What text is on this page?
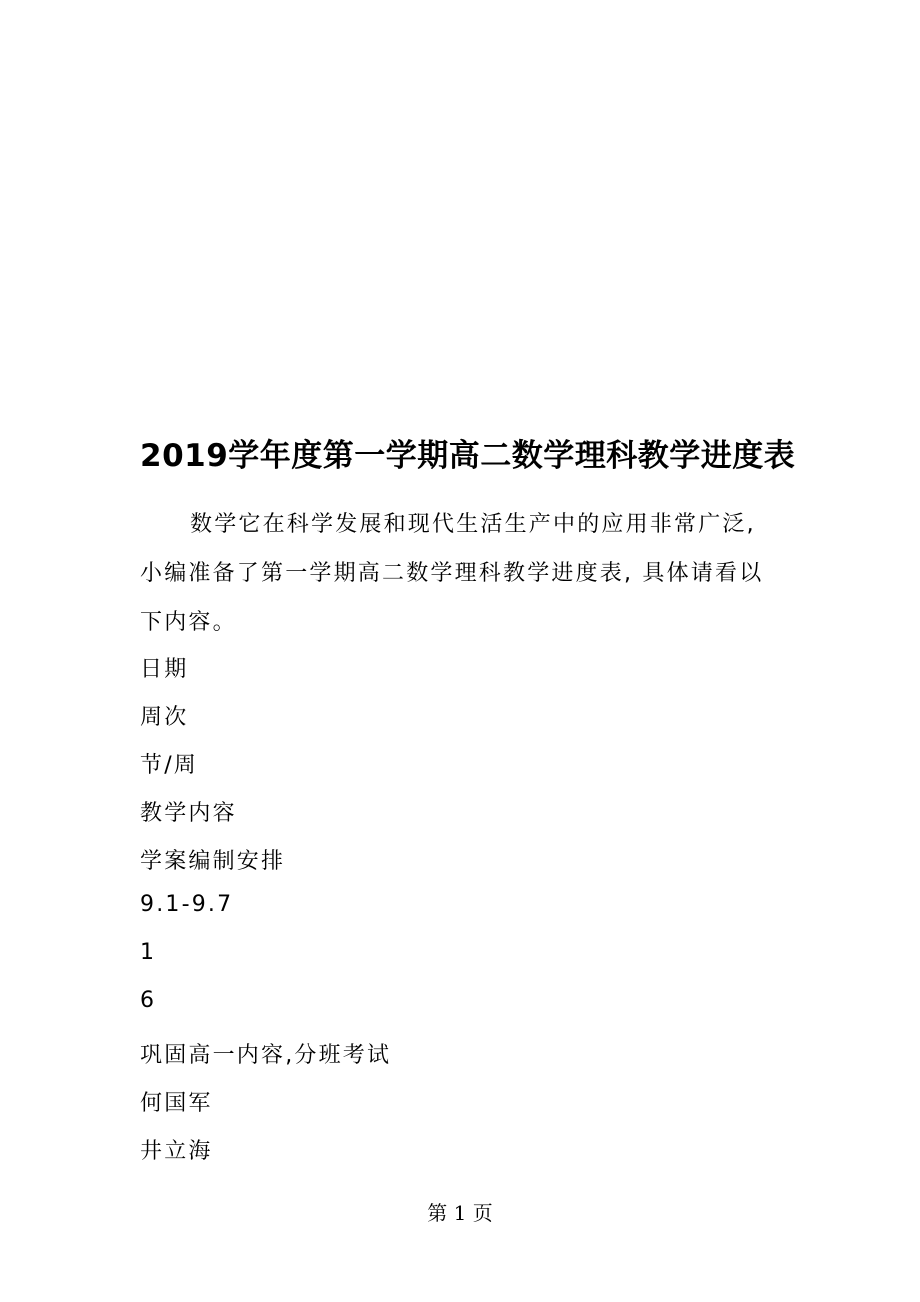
2019学年度第一学期高二数学理科教学进度表
数学它在科学发展和现代生活生产中的应用非常广泛,
小编准备了第一学期高二数学理科教学进度表, 具体请看以
下内容。
日期
周次
节/周
教学内容
学案编制安排
9.1-9.7
1
6
巩固高一内容,分班考试
何国军
井立海
第 1 页
